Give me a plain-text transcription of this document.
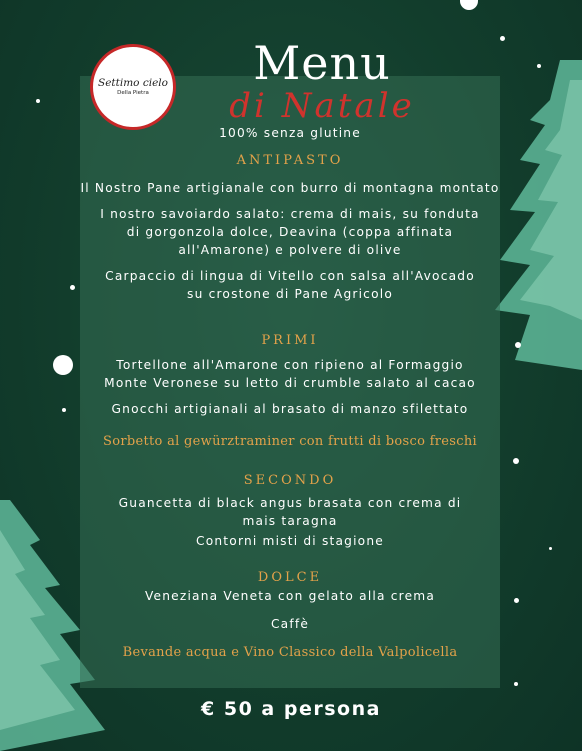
Settimo cielo
Della Pietra
Menu
di Natale

100% senza glutine

ANTIPASTO

Il Nostro Pane artigianale con burro di montagna montato

I nostro savoiardo salato: crema di mais, su fonduta

di gorgonzola dolce, Deavina (coppa affinata

all'Amarone) e polvere di olive

Carpaccio di lingua di Vitello con salsa all'Avocado

su crostone di Pane Agricolo

PRIMI

Tortellone all'Amarone con ripieno al Formaggio

Monte Veronese su letto di crumble salato al cacao

Gnocchi artigianali al brasato di manzo sfilettato

Sorbetto al gewürztraminer con frutti di bosco freschi

SECONDO

Guancetta di black angus brasata con crema di

mais taragna

Contorni misti di stagione

DOLCE

Veneziana Veneta con gelato alla crema

Caffè

Bevande acqua e Vino Classico della Valpolicella

€ 50 a persona
